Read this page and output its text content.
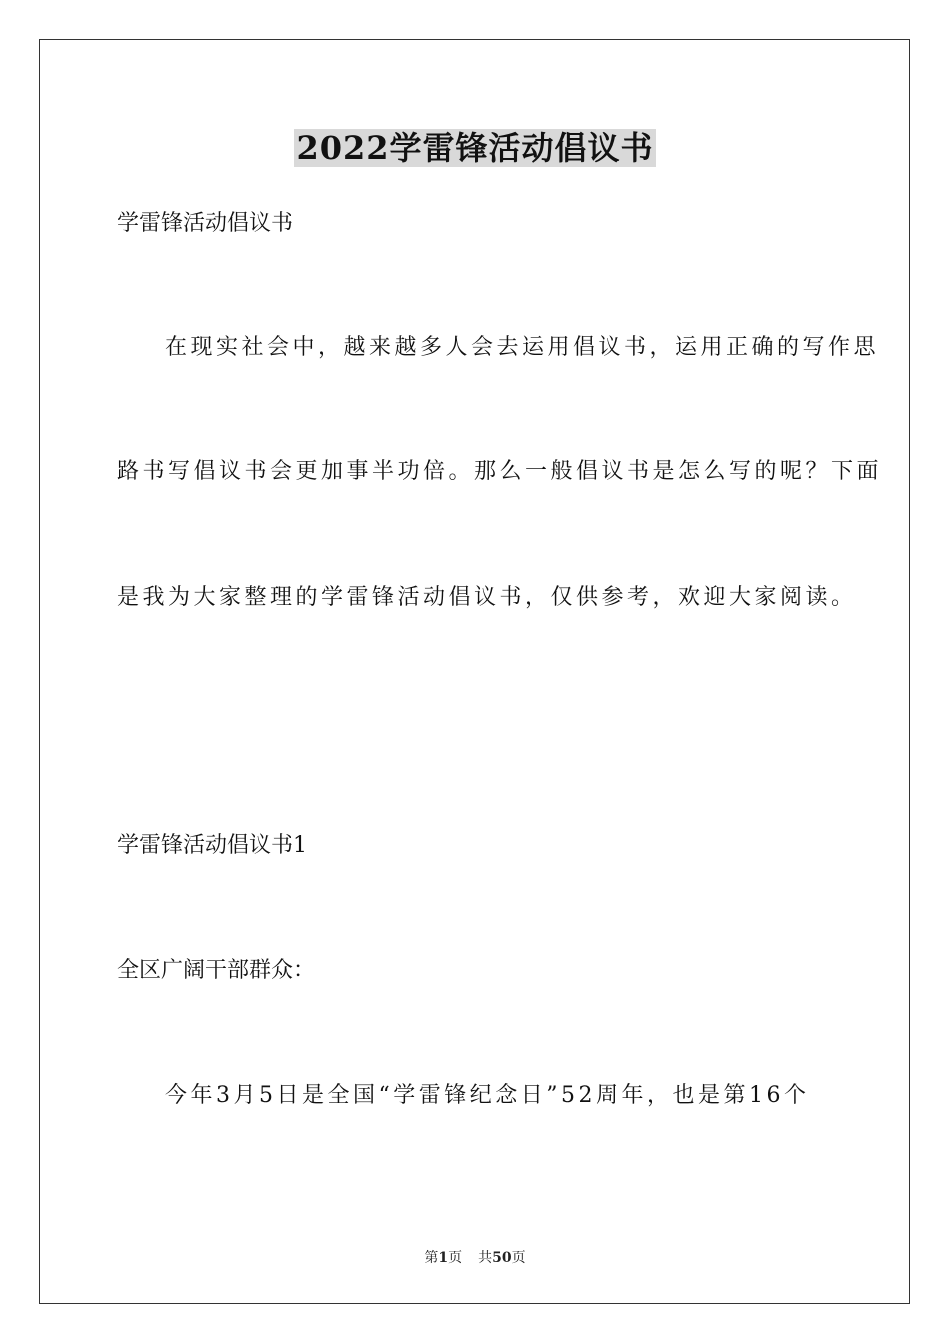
2022学雷锋活动倡议书
学雷锋活动倡议书
在现实社会中，越来越多人会去运用倡议书，运用正确的写作思
路书写倡议书会更加事半功倍。那么一般倡议书是怎么写的呢？下面
是我为大家整理的学雷锋活动倡议书，仅供参考，欢迎大家阅读。
学雷锋活动倡议书1
全区广阔干部群众：
今年3月5日是全国“学雷锋纪念日”52周年，也是第16个
第1页 共50页
